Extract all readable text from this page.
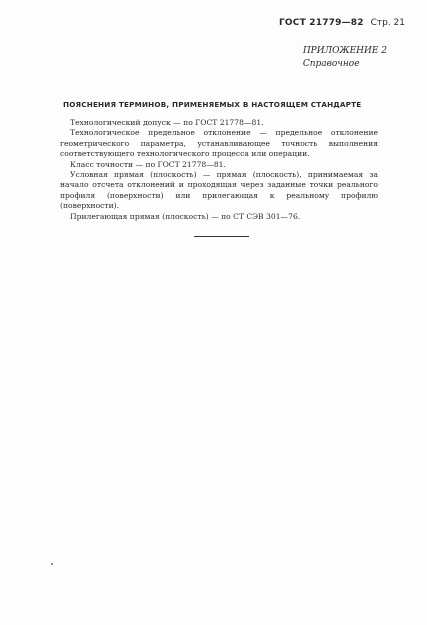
ГОСТ 21779—82 Стр. 21
ПРИЛОЖЕНИЕ 2
Справочное
ПОЯСНЕНИЯ ТЕРМИНОВ, ПРИМЕНЯЕМЫХ В НАСТОЯЩЕМ СТАНДАРТЕ

Технологический допуск — по ГОСТ 21778—81.

Технологическое предельное отклонение — предельное отклонение геометрического параметра, устанавливающее точность выполнения соответствующего технологического процесса или операции.

Класс точности — по ГОСТ 21778—81.

Условная прямая (плоскость) — прямая (плоскость), принимаемая за начало отсчета отклонений и проходящая через заданные точки реального профиля (поверхности) или прилегающая к реальному профилю (поверхности).

Прилегающая прямая (плоскость) — по СТ СЭВ 301—76.
